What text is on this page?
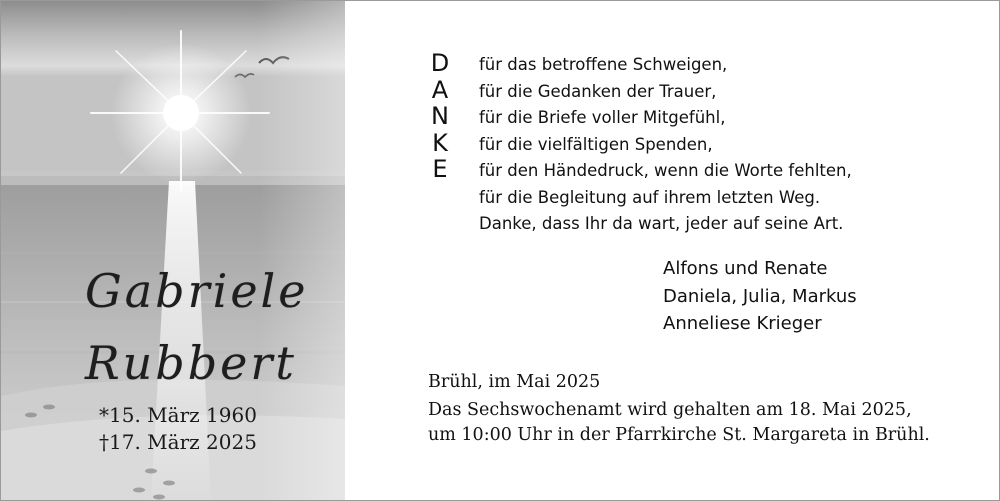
Gabriele
Rubbert
*15. März 1960
†17. März 2025
D
A
N
K
E
für das betroffene Schweigen,
für die Gedanken der Trauer,
für die Briefe voller Mitgefühl,
für die vielfältigen Spenden,
für den Händedruck, wenn die Worte fehlten,
für die Begleitung auf ihrem letzten Weg.
Danke, dass Ihr da wart, jeder auf seine Art.
Alfons und Renate
Daniela, Julia, Markus
Anneliese Krieger
Brühl, im Mai 2025
Das Sechswochenamt wird gehalten am 18. Mai 2025,
um 10:00 Uhr in der Pfarrkirche St. Margareta in Brühl.
